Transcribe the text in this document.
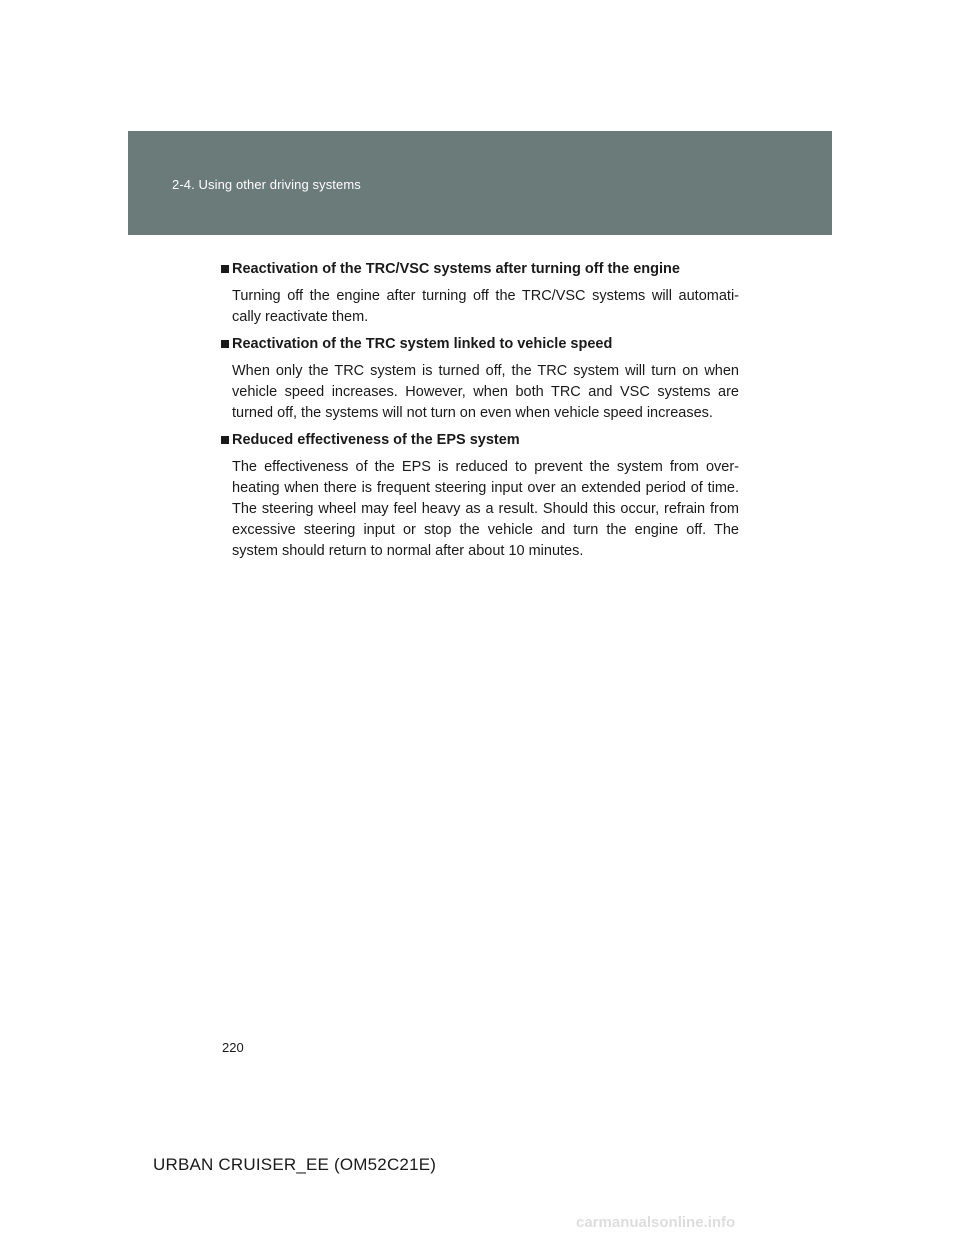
2-4. Using other driving systems
Reactivation of the TRC/VSC systems after turning off the engine
Turning off the engine after turning off the TRC/VSC systems will automati-cally reactivate them.
Reactivation of the TRC system linked to vehicle speed
When only the TRC system is turned off, the TRC system will turn on when vehicle speed increases. However, when both TRC and VSC systems are turned off, the systems will not turn on even when vehicle speed increases.
Reduced effectiveness of the EPS system
The effectiveness of the EPS is reduced to prevent the system from over-heating when there is frequent steering input over an extended period of time. The steering wheel may feel heavy as a result. Should this occur, refrain from excessive steering input or stop the vehicle and turn the engine off. The system should return to normal after about 10 minutes.
220
URBAN CRUISER_EE (OM52C21E)
carmanualsonline.info
